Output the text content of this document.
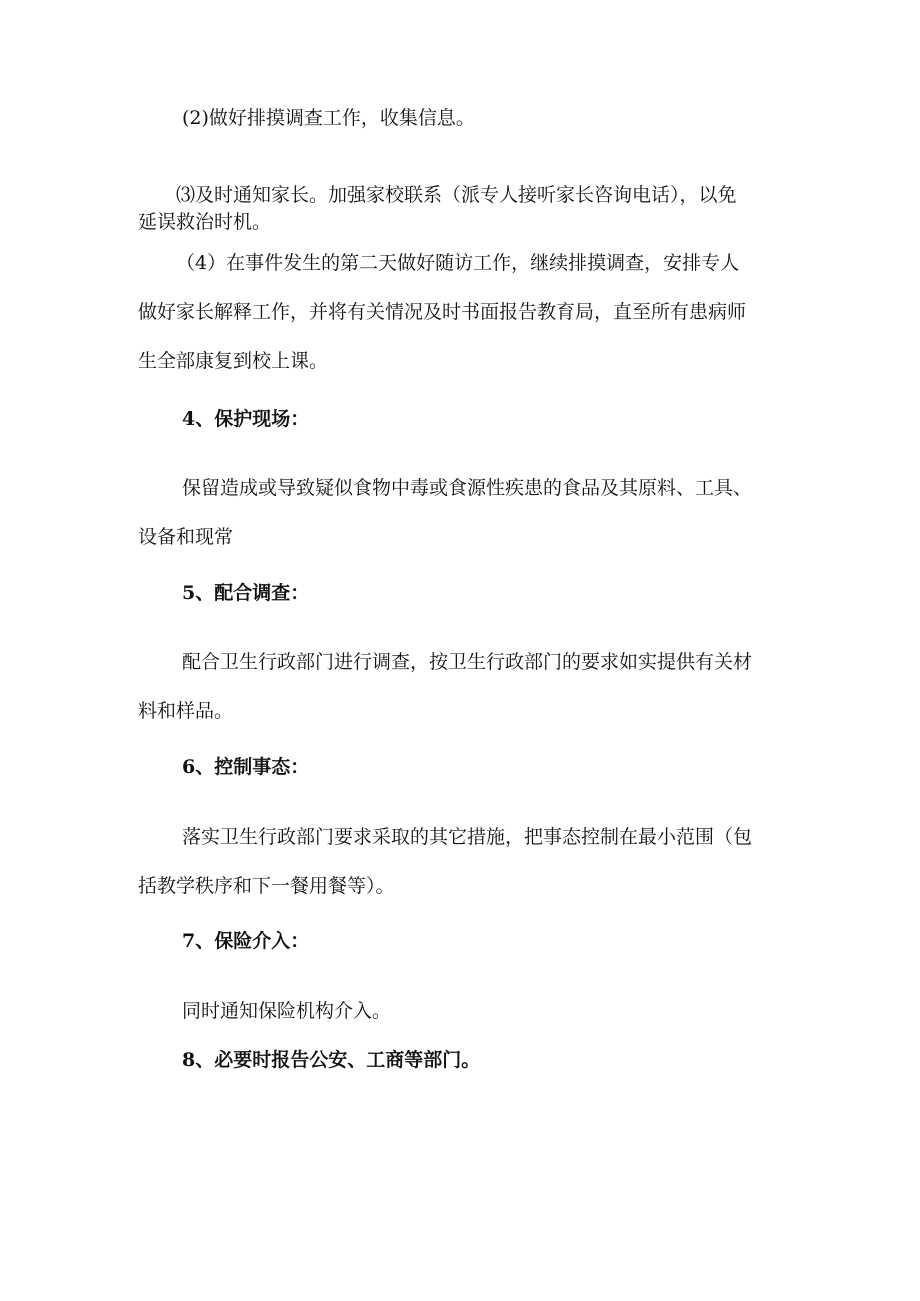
(2)做好排摸调查工作，收集信息。
⑶及时通知家长。加强家校联系（派专人接听家长咨询电话），以免
延误救治时机。
（4）在事件发生的第二天做好随访工作，继续排摸调查，安排专人
做好家长解释工作，并将有关情况及时书面报告教育局，直至所有患病师
生全部康复到校上课。
4、保护现场：
保留造成或导致疑似食物中毒或食源性疾患的食品及其原料、工具、
设备和现常
5、配合调查：
配合卫生行政部门进行调查，按卫生行政部门的要求如实提供有关材
料和样品。
6、控制事态：
落实卫生行政部门要求采取的其它措施，把事态控制在最小范围（包
括教学秩序和下一餐用餐等）。
7、保险介入：
同时通知保险机构介入。
8、必要时报告公安、工商等部门。
